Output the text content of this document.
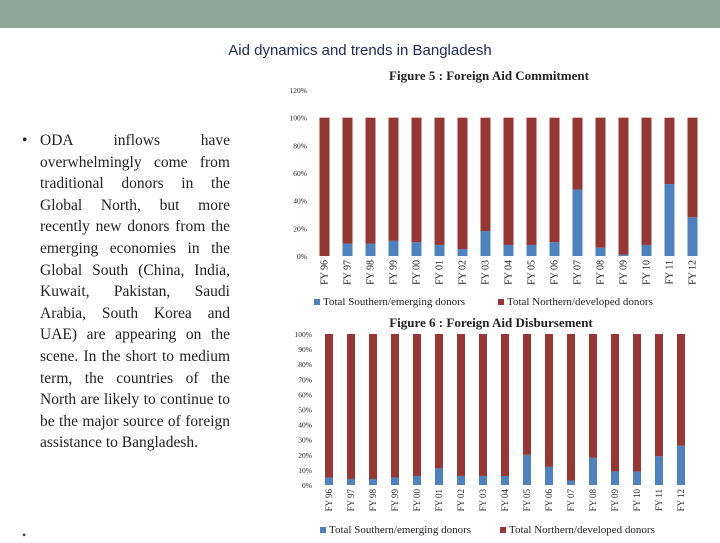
Aid dynamics and trends in Bangladesh
• ODA inflows have overwhelmingly come from traditional donors in the Global North, but more recently new donors from the emerging economies in the Global South (China, India, Kuwait, Pakistan, Saudi Arabia, South Korea and UAE) are appearing on the scene. In the short to medium term, the countries of the North are likely to continue to be the major source of foreign assistance to Bangladesh.

•
Figure 5 : Foreign Aid Commitment
0%
20%
40%
60%
80%
100%
120%
FY 96 FY 97 FY 98 FY 99 FY 00 FY 01 FY 02 FY 03 FY 04 FY 05 FY 06 FY 07 FY 08 FY 09 FY 10 FY 11 FY 12
Total Southern/emerging donors	Total Northern/developed donors
Figure 6 : Foreign Aid Disbursement
0%
10%
20%
30%
40%
50%
60%
70%
80%
90%
100%
FY 96 FY 97 FY 98 FY 99 FY 00 FY 01 FY 02 FY 03 FY 04 FY 05 FY 06 FY 07 FY 08 FY 09 FY 10 FY 11 FY 12
Total Southern/emerging donors	Total Northern/developed donors
